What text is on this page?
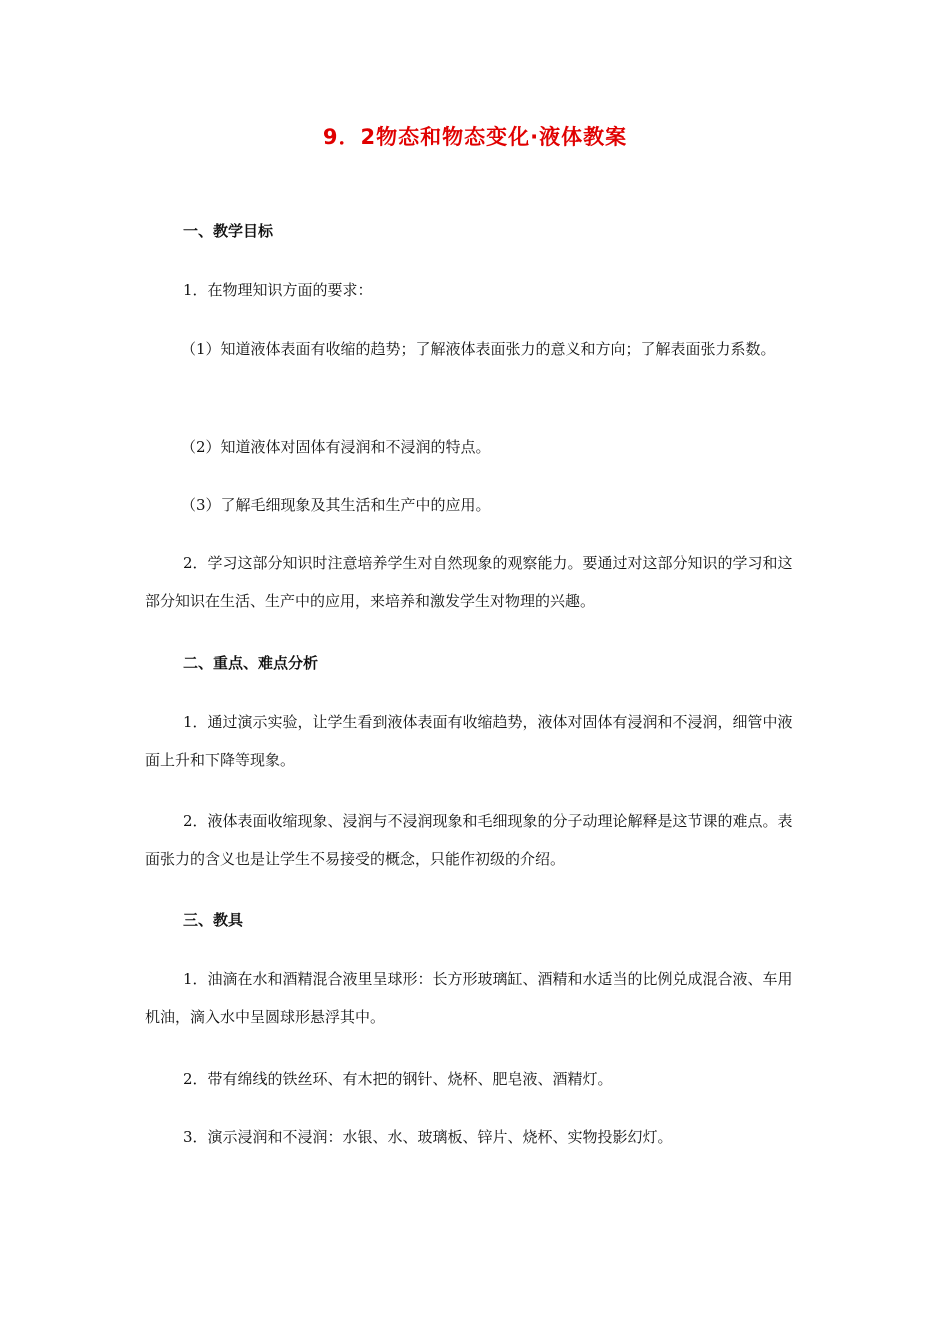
9．2物态和物态变化·液体教案
一、教学目标
1．在物理知识方面的要求：
（1）知道液体表面有收缩的趋势；了解液体表面张力的意义和方向；了解表面张力系数。
（2）知道液体对固体有浸润和不浸润的特点。
（3）了解毛细现象及其生活和生产中的应用。
2．学习这部分知识时注意培养学生对自然现象的观察能力。要通过对这部分知识的学习和这部分知识在生活、生产中的应用，来培养和激发学生对物理的兴趣。
二、重点、难点分析
1．通过演示实验，让学生看到液体表面有收缩趋势，液体对固体有浸润和不浸润，细管中液面上升和下降等现象。
2．液体表面收缩现象、浸润与不浸润现象和毛细现象的分子动理论解释是这节课的难点。表面张力的含义也是让学生不易接受的概念，只能作初级的介绍。
三、教具
1．油滴在水和酒精混合液里呈球形：长方形玻璃缸、酒精和水适当的比例兑成混合液、车用机油，滴入水中呈圆球形悬浮其中。
2．带有绵线的铁丝环、有木把的钢针、烧杯、肥皂液、酒精灯。
3．演示浸润和不浸润：水银、水、玻璃板、锌片、烧杯、实物投影幻灯。
